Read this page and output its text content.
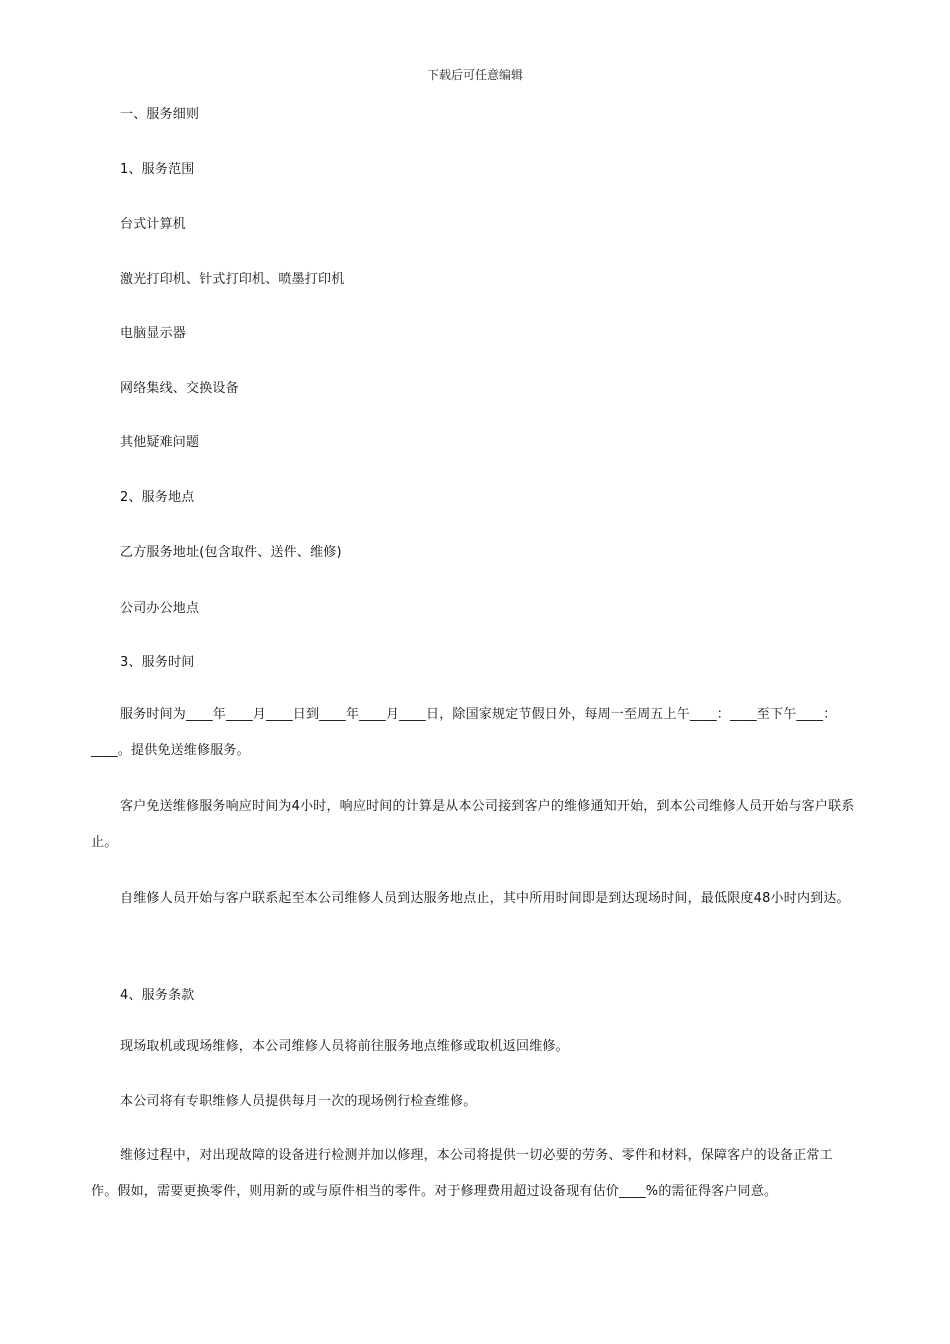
下载后可任意编辑
一、服务细则
1、服务范围
台式计算机
激光打印机、针式打印机、喷墨打印机
电脑显示器
网络集线、交换设备
其他疑难问题
2、服务地点
乙方服务地址(包含取件、送件、维修)
公司办公地点
3、服务时间
服务时间为____年____月____日到____年____月____日，除国家规定节假日外，每周一至周五上午____：____至下午____：____。提供免送维修服务。
客户免送维修服务响应时间为4小时，响应时间的计算是从本公司接到客户的维修通知开始，到本公司维修人员开始与客户联系止。
自维修人员开始与客户联系起至本公司维修人员到达服务地点止，其中所用时间即是到达现场时间，最低限度48小时内到达。
4、服务条款
现场取机或现场维修，本公司维修人员将前往服务地点维修或取机返回维修。
本公司将有专职维修人员提供每月一次的现场例行检查维修。
维修过程中，对出现故障的设备进行检测并加以修理，本公司将提供一切必要的劳务、零件和材料，保障客户的设备正常工作。假如，需要更换零件，则用新的或与原件相当的零件。对于修理费用超过设备现有估价____%的需征得客户同意。
